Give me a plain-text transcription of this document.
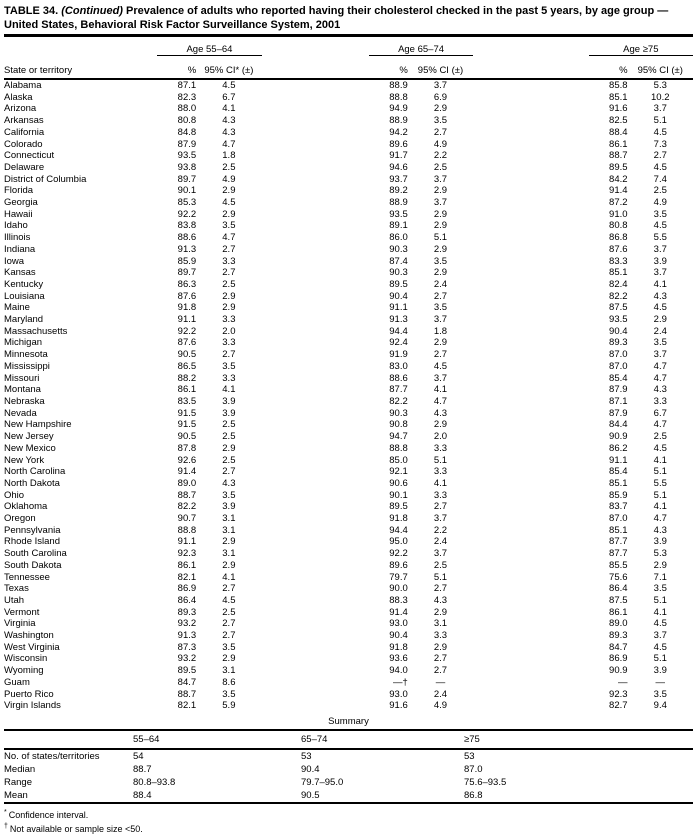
TABLE 34. (Continued) Prevalence of adults who reported having their cholesterol checked in the past 5 years, by age group —
United States, Behavioral Risk Factor Surveillance System, 2001
	Age 55–64			Age 65–74			Age ≥75	
State or territory	%	95% CI* (±)		%	95% CI (±)		%	95% CI (±)
Alabama	87.1	4.5		88.9	3.7		85.8	5.3
Alaska	82.3	6.7		88.8	6.9		85.1	10.2
Arizona	88.0	4.1		94.9	2.9		91.6	3.7
Arkansas	80.8	4.3		88.9	3.5		82.5	5.1
California	84.8	4.3		94.2	2.7		88.4	4.5
Colorado	87.9	4.7		89.6	4.9		86.1	7.3
Connecticut	93.5	1.8		91.7	2.2		88.7	2.7
Delaware	93.8	2.5		94.6	2.5		89.5	4.5
District of Columbia	89.7	4.9		93.7	3.7		84.2	7.4
Florida	90.1	2.9		89.2	2.9		91.4	2.5
Georgia	85.3	4.5		88.9	3.7		87.2	4.9
Hawaii	92.2	2.9		93.5	2.9		91.0	3.5
Idaho	83.8	3.5		89.1	2.9		80.8	4.5
Illinois	88.6	4.7		86.0	5.1		86.8	5.5
Indiana	91.3	2.7		90.3	2.9		87.6	3.7
Iowa	85.9	3.3		87.4	3.5		83.3	3.9
Kansas	89.7	2.7		90.3	2.9		85.1	3.7
Kentucky	86.3	2.5		89.5	2.4		82.4	4.1
Louisiana	87.6	2.9		90.4	2.7		82.2	4.3
Maine	91.8	2.9		91.1	3.5		87.5	4.5
Maryland	91.1	3.3		91.3	3.7		93.5	2.9
Massachusetts	92.2	2.0		94.4	1.8		90.4	2.4
Michigan	87.6	3.3		92.4	2.9		89.3	3.5
Minnesota	90.5	2.7		91.9	2.7		87.0	3.7
Mississippi	86.5	3.5		83.0	4.5		87.0	4.7
Missouri	88.2	3.3		88.6	3.7		85.4	4.7
Montana	86.1	4.1		87.7	4.1		87.9	4.3
Nebraska	83.5	3.9		82.2	4.7		87.1	3.3
Nevada	91.5	3.9		90.3	4.3		87.9	6.7
New Hampshire	91.5	2.5		90.8	2.9		84.4	4.7
New Jersey	90.5	2.5		94.7	2.0		90.9	2.5
New Mexico	87.8	2.9		88.8	3.3		86.2	4.5
New York	92.6	2.5		85.0	5.1		91.1	4.1
North Carolina	91.4	2.7		92.1	3.3		85.4	5.1
North Dakota	89.0	4.3		90.6	4.1		85.1	5.5
Ohio	88.7	3.5		90.1	3.3		85.9	5.1
Oklahoma	82.2	3.9		89.5	2.7		83.7	4.1
Oregon	90.7	3.1		91.8	3.7		87.0	4.7
Pennsylvania	88.8	3.1		94.4	2.2		85.1	4.3
Rhode Island	91.1	2.9		95.0	2.4		87.7	3.9
South Carolina	92.3	3.1		92.2	3.7		87.7	5.3
South Dakota	86.1	2.9		89.6	2.5		85.5	2.9
Tennessee	82.1	4.1		79.7	5.1		75.6	7.1
Texas	86.9	2.7		90.0	2.7		86.4	3.5
Utah	86.4	4.5		88.3	4.3		87.5	5.1
Vermont	89.3	2.5		91.4	2.9		86.1	4.1
Virginia	93.2	2.7		93.0	3.1		89.0	4.5
Washington	91.3	2.7		90.4	3.3		89.3	3.7
West Virginia	87.3	3.5		91.8	2.9		84.7	4.5
Wisconsin	93.2	2.9		93.6	2.7		86.9	5.1
Wyoming	89.5	3.1		94.0	2.7		90.9	3.9
Guam	84.7	8.6		—†	—		—	—
Puerto Rico	88.7	3.5		93.0	2.4		92.3	3.5
Virgin Islands	82.1	5.9		91.6	4.9		82.7	9.4
Summary
	55–64	65–74	≥75
No. of states/territories	54	53	53
Median	88.7	90.4	87.0
Range	80.8–93.8	79.7–95.0	75.6–93.5
Mean	88.4	90.5	86.8
* Confidence interval.
† Not available or sample size <50.
